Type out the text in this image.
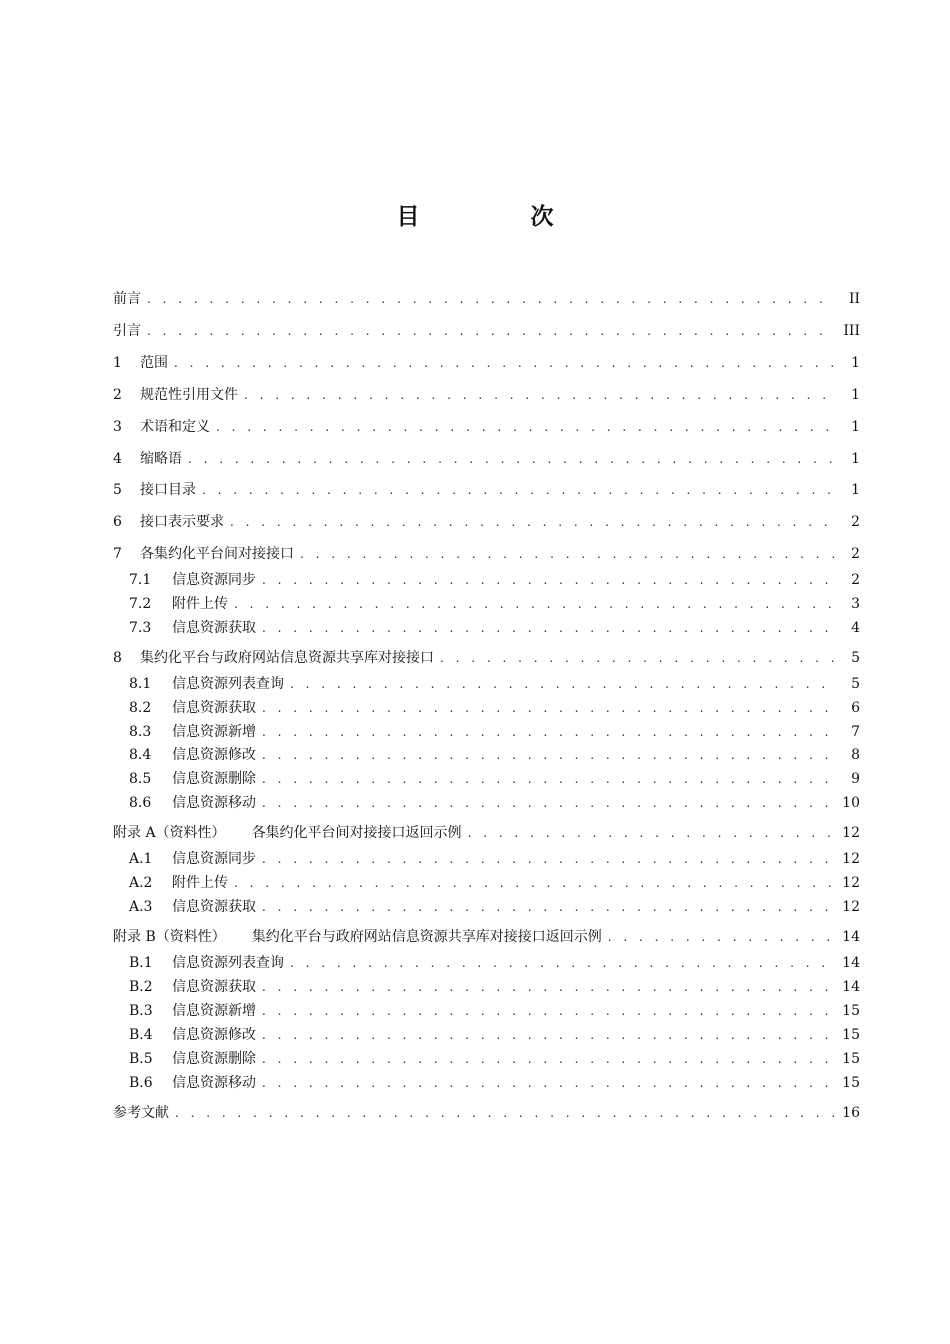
目　次
前言 . . .	II
引言 . . .	III
1	范围 . . .	1
2	规范性引用文件 . . .	1
3	术语和定义 . . .	1
4	缩略语 . . .	1
5	接口目录 . . .	1
6	接口表示要求 . . .	2
7	各集约化平台间对接接口 . . .	2
7.1	信息资源同步 . . .	2
7.2	附件上传 . . .	3
7.3	信息资源获取 . . .	4
8	集约化平台与政府网站信息资源共享库对接接口 . . .	5
8.1	信息资源列表查询 . . .	5
8.2	信息资源获取 . . .	6
8.3	信息资源新增 . . .	7
8.4	信息资源修改 . . .	8
8.5	信息资源删除 . . .	9
8.6	信息资源移动 . . .	10
附录 A（资料性） 各集约化平台间对接接口返回示例 . . .	12
A.1	信息资源同步 . . .	12
A.2	附件上传 . . .	12
A.3	信息资源获取 . . .	12
附录 B（资料性） 集约化平台与政府网站信息资源共享库对接接口返回示例 . . .	14
B.1	信息资源列表查询 . . .	14
B.2	信息资源获取 . . .	14
B.3	信息资源新增 . . .	15
B.4	信息资源修改 . . .	15
B.5	信息资源删除 . . .	15
B.6	信息资源移动 . . .	15
参考文献 . . .	16
